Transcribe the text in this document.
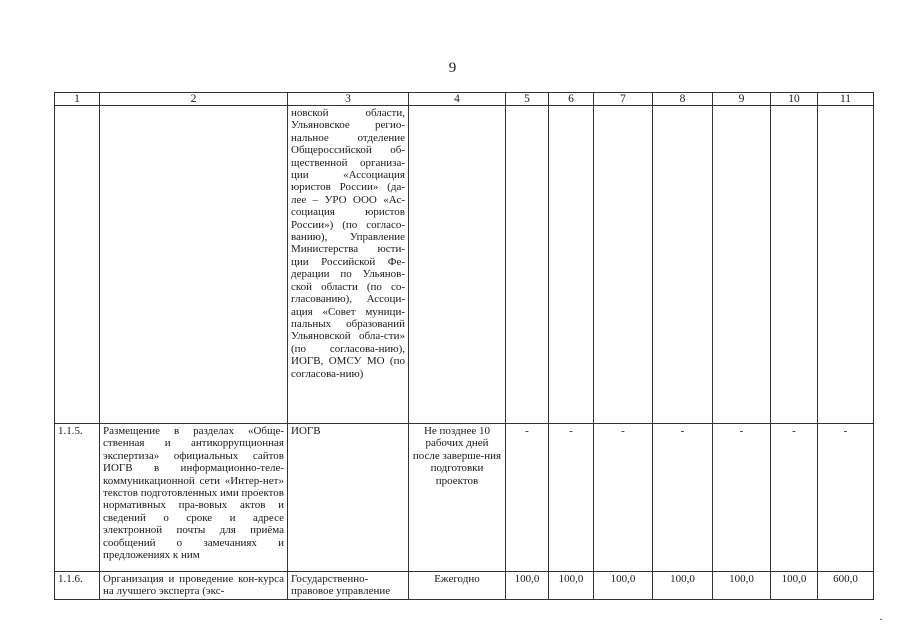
9
1	2	3	4	5	6	7	8	9	10	11
		новской области, Ульяновское регио-нальное отделение Общероссийской об-щественной организа-ции «Ассоциация юристов России» (да-лее – УРО ООО «Ас-социация юристов России») (по согласо-ванию), Управление Министерства юсти-ции Российской Фе-дерации по Ульянов-ской области (по со-гласованию), Ассоци-ация «Совет муници-пальных образований Ульяновской обла-сти» (по согласова-нию), ИОГВ, ОМСУ МО (по согласова-нию)								
1.1.5.	Размещение в разделах «Обще-ственная и антикоррупционная экспертиза» официальных сайтов ИОГВ в информационно-теле-коммуникационной сети «Интер-нет» текстов подготовленных ими проектов нормативных пра-вовых актов и сведений о сроке и адресе электронной почты для приёма сообщений о замечаниях и предложениях к ним	ИОГВ	Не позднее 10 рабочих дней после заверше-ния подготовки проектов	-	-	-	-	-	-	-
1.1.6.	Организация и проведение кон-курса на лучшего эксперта (экс-	Государственно-правовое управление	Ежегодно	100,0	100,0	100,0	100,0	100,0	100,0	600,0
·
